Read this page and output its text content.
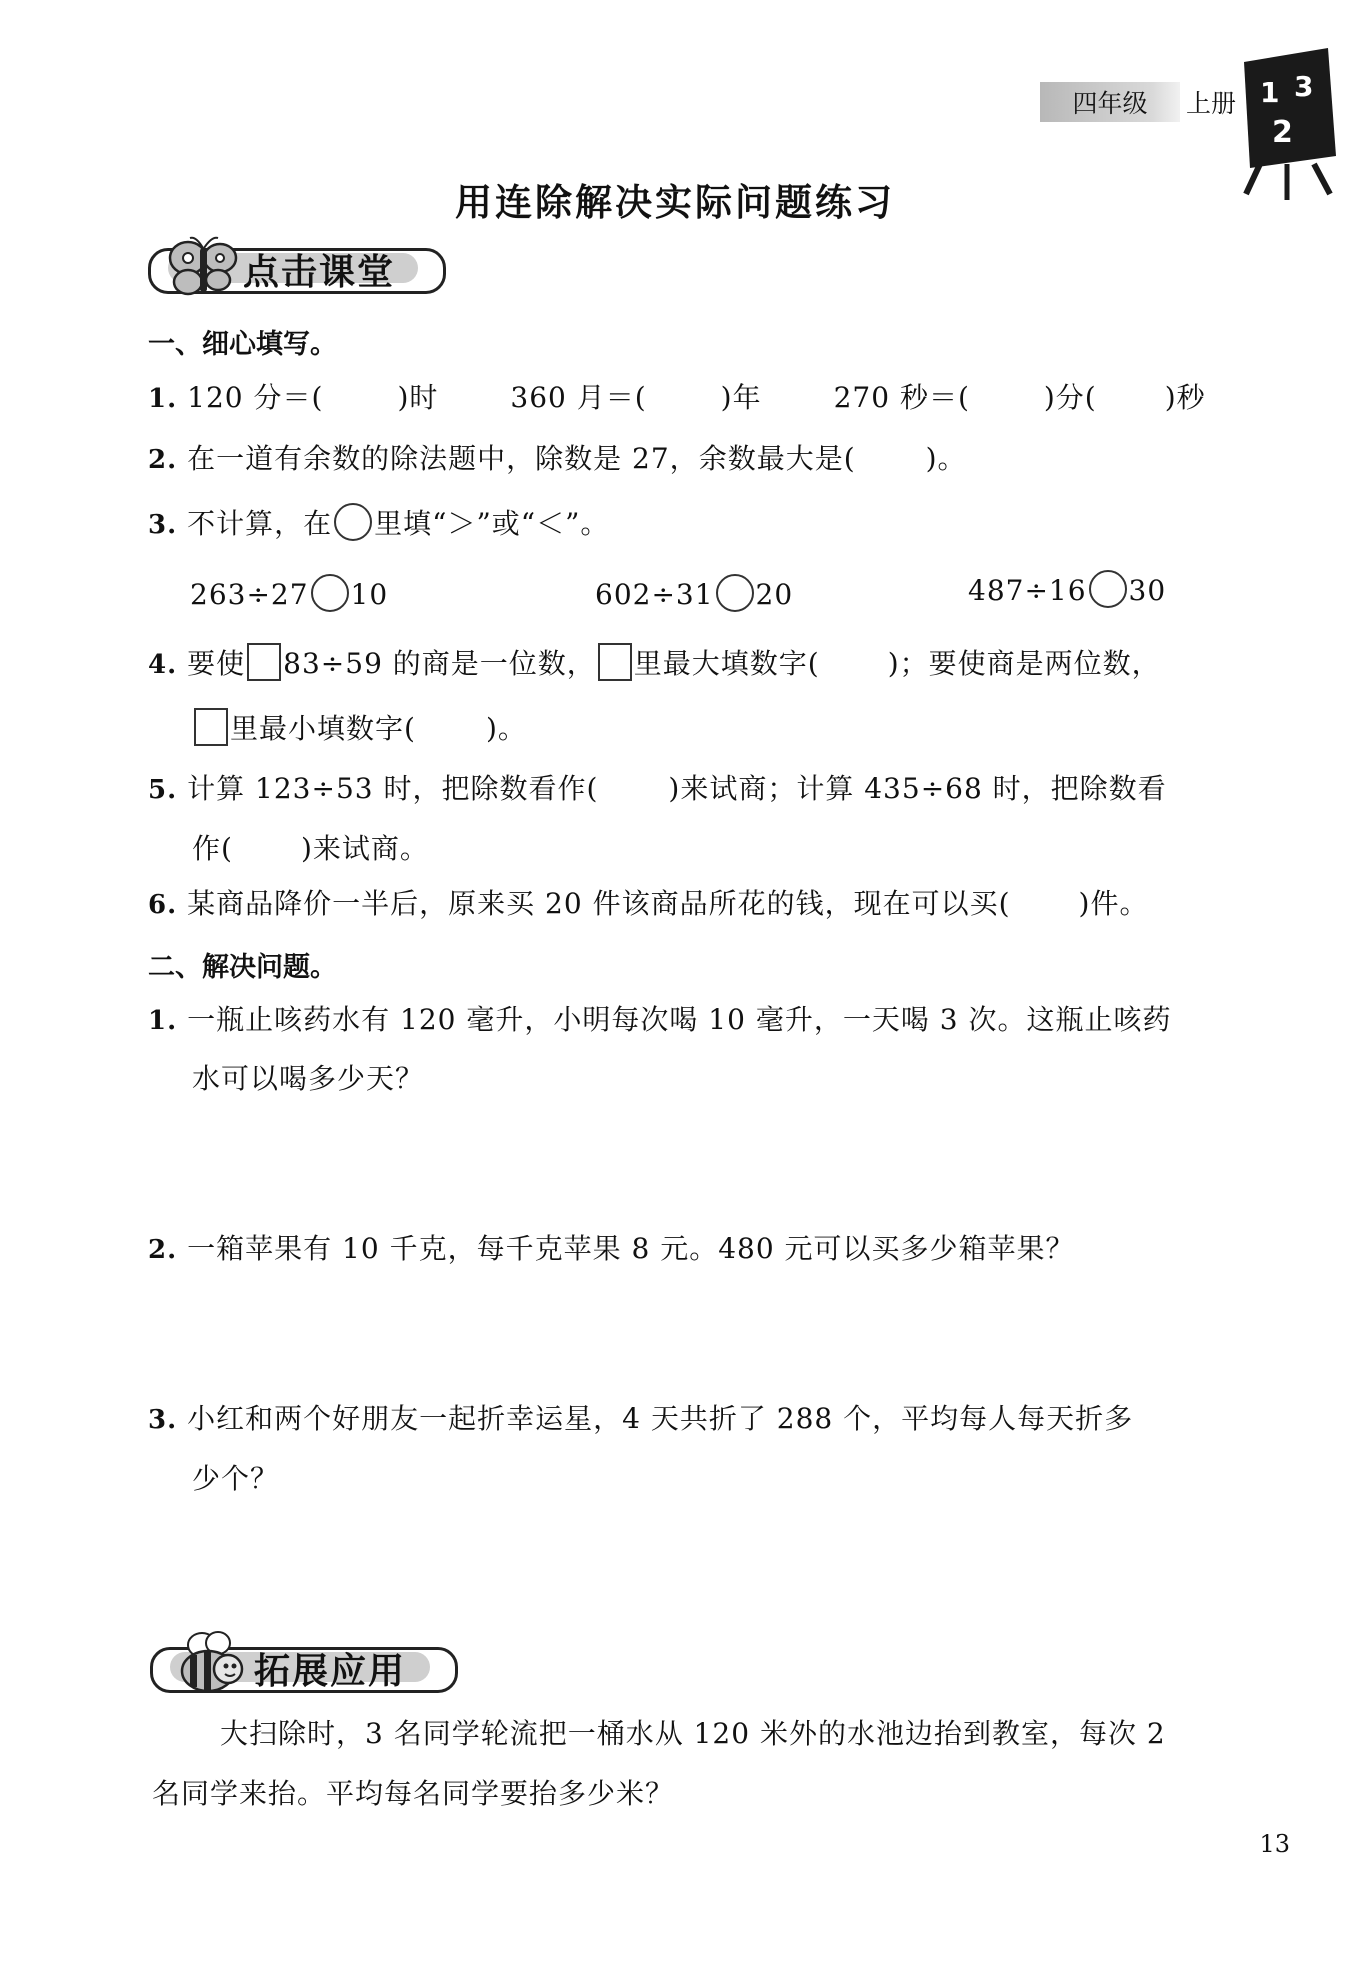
四年级 上册 1 3
2
用连除解决实际问题练习
点击课堂
一、细心填写。
1. 120 分＝(	)时	360 月＝(	)年	270 秒＝(	)分( )秒
2. 在一道有余数的除法题中，除数是 27，余数最大是(	)。
3. 不计算，在 里填“＞”或“＜”。
263÷27 10	602÷31 20	487÷16 30
4. 要使 83÷59 的商是一位数， 里最大填数字( )；要使商是两位数，
里最小填数字(	)。
5. 计算 123÷53 时，把除数看作(	)来试商；计算 435÷68 时，把除数看
作( )来试商。
6. 某商品降价一半后，原来买 20 件该商品所花的钱，现在可以买( )件。
二、解决问题。
1. 一瓶止咳药水有 120 毫升，小明每次喝 10 毫升，一天喝 3 次。这瓶止咳药
水可以喝多少天？
2. 一箱苹果有 10 千克，每千克苹果 8 元。480 元可以买多少箱苹果？
3. 小红和两个好朋友一起折幸运星，4 天共折了 288 个，平均每人每天折多
少个？
拓展应用
大扫除时，3 名同学轮流把一桶水从 120 米外的水池边抬到教室，每次 2
名同学来抬。平均每名同学要抬多少米？
13
